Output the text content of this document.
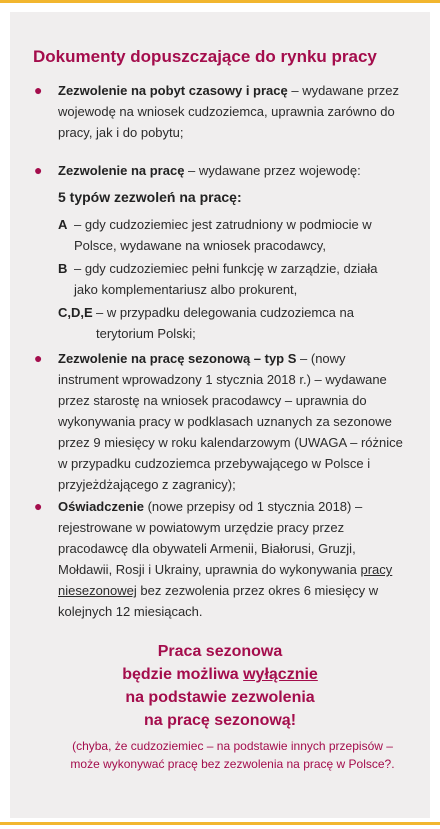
Dokumenty dopuszczające do rynku pracy
● Zezwolenie na pobyt czasowy i pracę – wydawane przez wojewodę na wniosek cudzoziemca, uprawnia zarówno do pracy, jak i do pobytu;
● Zezwolenie na pracę – wydawane przez wojewodę:
5 typów zezwoleń na pracę:
A – gdy cudzoziemiec jest zatrudniony w podmiocie w Polsce, wydawane na wniosek pracodawcy,
B – gdy cudzoziemiec pełni funkcję w zarządzie, działa jako komplementariusz albo prokurent,
C,D,E – w przypadku delegowania cudzoziemca na terytorium Polski;
● Zezwolenie na pracę sezonową – typ S – (nowy instrument wprowadzony 1 stycznia 2018 r.) – wydawane przez starostę na wniosek pracodawcy – uprawnia do wykonywania pracy w podklasach uznanych za sezonowe przez 9 miesięcy w roku kalendarzowym (UWAGA – różnice w przypadku cudzoziemca przebywającego w Polsce i przyjeżdżającego z zagranicy);
● Oświadczenie (nowe przepisy od 1 stycznia 2018) – rejestrowane w powiatowym urzędzie pracy przez pracodawcę dla obywateli Armenii, Białorusi, Gruzji, Mołdawii, Rosji i Ukrainy, uprawnia do wykonywania pracy niesezonowej bez zezwolenia przez okres 6 miesięcy w kolejnych 12 miesiącach.
Praca sezonowa
będzie możliwa wyłącznie
na podstawie zezwolenia
na pracę sezonową!
(chyba, że cudzoziemiec – na podstawie innych przepisów – może wykonywać pracę bez zezwolenia na pracę w Polsce?.
